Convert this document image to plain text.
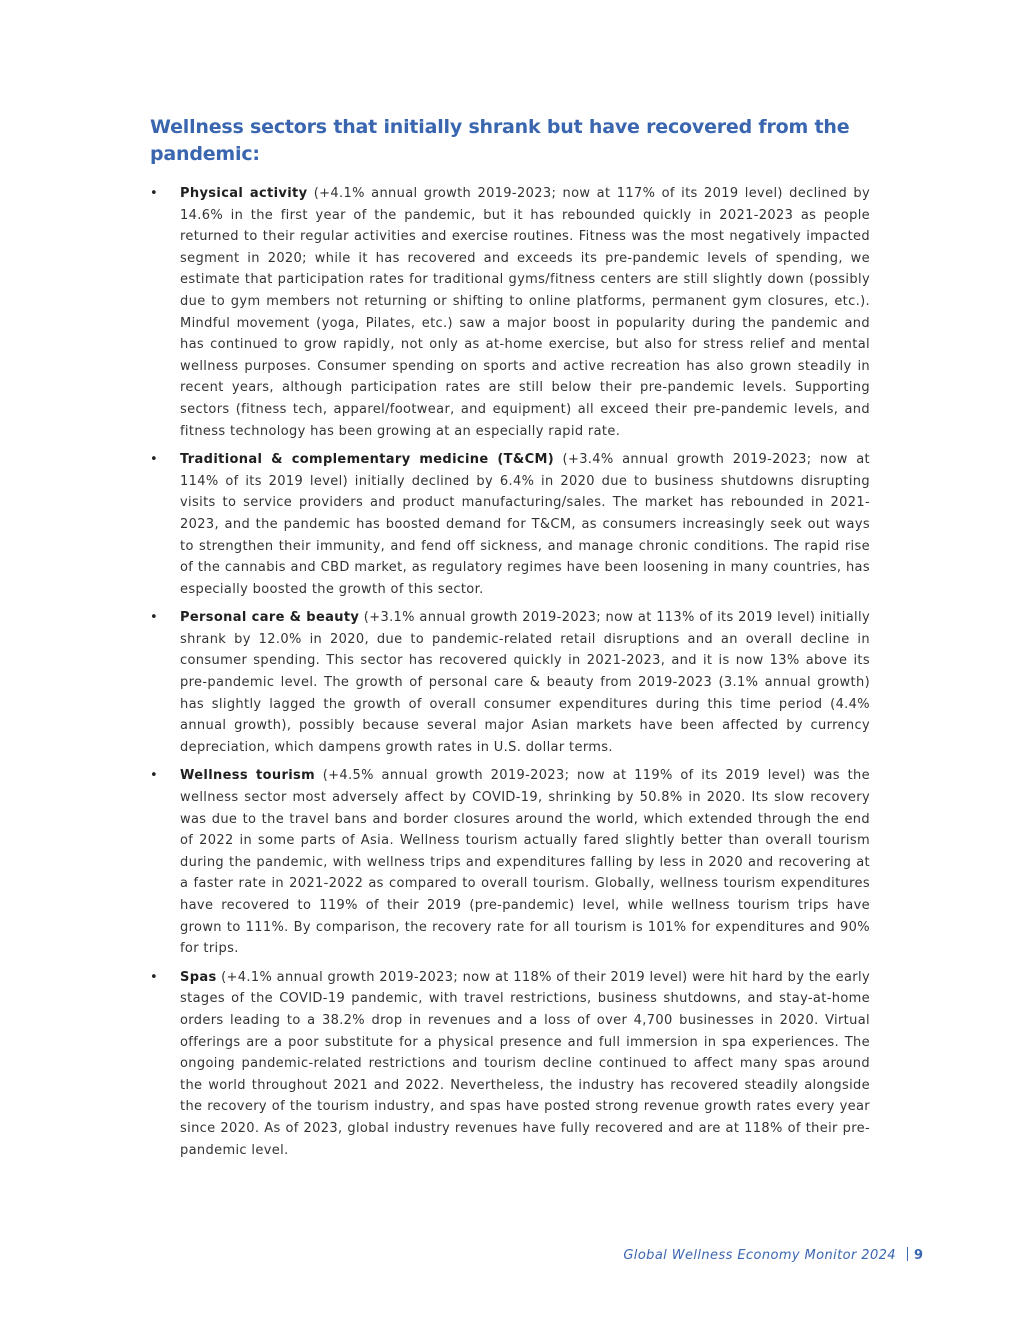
Wellness sectors that initially shrank but have recovered from the pandemic:
• Physical activity (+4.1% annual growth 2019-2023; now at 117% of its 2019 level) declined by 14.6% in the first year of the pandemic, but it has rebounded quickly in 2021-2023 as people returned to their regular activities and exercise routines. Fitness was the most negatively impacted segment in 2020; while it has recovered and exceeds its pre-pandemic levels of spending, we estimate that participation rates for traditional gyms/fitness centers are still slightly down (possibly due to gym members not returning or shifting to online platforms, permanent gym closures, etc.). Mindful movement (yoga, Pilates, etc.) saw a major boost in popularity during the pandemic and has continued to grow rapidly, not only as at-home exercise, but also for stress relief and mental wellness purposes. Consumer spending on sports and active recreation has also grown steadily in recent years, although participation rates are still below their pre-pandemic levels. Supporting sectors (fitness tech, apparel/footwear, and equipment) all exceed their pre-pandemic levels, and fitness technology has been growing at an especially rapid rate.
• Traditional & complementary medicine (T&CM) (+3.4% annual growth 2019-2023; now at 114% of its 2019 level) initially declined by 6.4% in 2020 due to business shutdowns disrupting visits to service providers and product manufacturing/sales. The market has rebounded in 2021-2023, and the pandemic has boosted demand for T&CM, as consumers increasingly seek out ways to strengthen their immunity, and fend off sickness, and manage chronic conditions. The rapid rise of the cannabis and CBD market, as regulatory regimes have been loosening in many countries, has especially boosted the growth of this sector.
• Personal care & beauty (+3.1% annual growth 2019-2023; now at 113% of its 2019 level) initially shrank by 12.0% in 2020, due to pandemic-related retail disruptions and an overall decline in consumer spending. This sector has recovered quickly in 2021-2023, and it is now 13% above its pre-pandemic level. The growth of personal care & beauty from 2019-2023 (3.1% annual growth) has slightly lagged the growth of overall consumer expenditures during this time period (4.4% annual growth), possibly because several major Asian markets have been affected by currency depreciation, which dampens growth rates in U.S. dollar terms.
• Wellness tourism (+4.5% annual growth 2019-2023; now at 119% of its 2019 level) was the wellness sector most adversely affect by COVID-19, shrinking by 50.8% in 2020. Its slow recovery was due to the travel bans and border closures around the world, which extended through the end of 2022 in some parts of Asia. Wellness tourism actually fared slightly better than overall tourism during the pandemic, with wellness trips and expenditures falling by less in 2020 and recovering at a faster rate in 2021-2022 as compared to overall tourism. Globally, wellness tourism expenditures have recovered to 119% of their 2019 (pre-pandemic) level, while wellness tourism trips have grown to 111%. By comparison, the recovery rate for all tourism is 101% for expenditures and 90% for trips.
• Spas (+4.1% annual growth 2019-2023; now at 118% of their 2019 level) were hit hard by the early stages of the COVID-19 pandemic, with travel restrictions, business shutdowns, and stay-at-home orders leading to a 38.2% drop in revenues and a loss of over 4,700 businesses in 2020. Virtual offerings are a poor substitute for a physical presence and full immersion in spa experiences. The ongoing pandemic-related restrictions and tourism decline continued to affect many spas around the world throughout 2021 and 2022. Nevertheless, the industry has recovered steadily alongside the recovery of the tourism industry, and spas have posted strong revenue growth rates every year since 2020. As of 2023, global industry revenues have fully recovered and are at 118% of their pre-pandemic level.
Global Wellness Economy Monitor 2024 9
